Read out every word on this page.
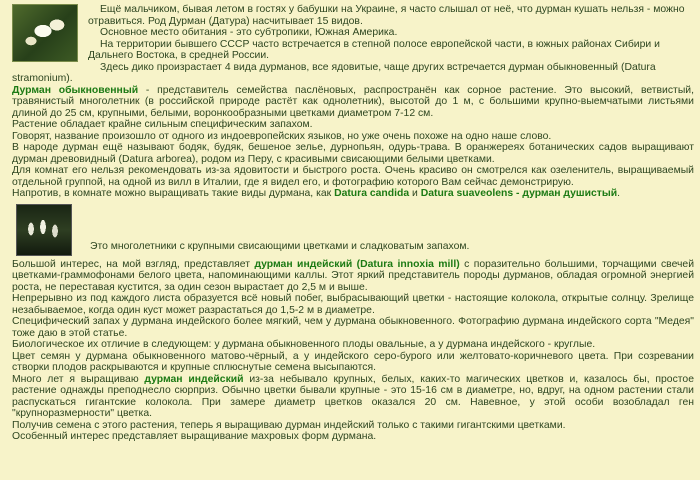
Ещё мальчиком, бывая летом в гостях у бабушки на Украине, я часто слышал от неё, что дурман кушать нельзя - можно отравиться. Род Дурман (Датура) насчитывает 15 видов.

Основное место обитания - это субтропики, Южная Америка.

На территории бывшего СССР часто встречается в степной полосе европейской части, в южных районах Сибири и Дальнего Востока, в средней России.

Здесь дико произрастает 4 вида дурманов, все ядовитые, чаще других встречается дурман обыкновенный (Datura stramonium).

Дурман обыкновенный - представитель семейства паслёновых, распространён как сорное растение. Это высокий, ветвистый, травянистый многолетник (в российской природе растёт как однолетник), высотой до 1 м, с большими крупно-выемчатыми листьями длиной до 25 см, крупными, белыми, воронкообразными цветками диаметром 7-12 см.

Растение обладает крайне сильным специфическим запахом.

Говорят, название произошло от одного из индоевропейских языков, но уже очень похоже на одно наше слово.

В народе дурман ещё называют бодяк, будяк, бешеное зелье, дурнопьян, одурь-трава. В оранжереях ботанических садов выращивают дурман древовидный (Datura arborea), родом из Перу, с красивыми свисающими белыми цветками.

Для комнат его нельзя рекомендовать из-за ядовитости и быстрого роста. Очень красиво он смотрелся как озеленитель, выращиваемый отдельной группой, на одной из вилл в Италии, где я видел его, и фотографию которого Вам сейчас демонстрирую.

Напротив, в комнате можно выращивать такие виды дурмана, как Datura candida и Datura suaveolens - дурман душистый.

Это многолетники с крупными свисающими цветками и сладковатым запахом.

Большой интерес, на мой взгляд, представляет дурман индейский (Datura innoxia mill) с поразительно большими, торчащими свечей цветками-граммофонами белого цвета, напоминающими каллы. Этот яркий представитель породы дурманов, обладая огромной энергией роста, не переставая кустится, за один сезон вырастает до 2,5 м и выше.

Непрерывно из под каждого листа образуется всё новый побег, выбрасывающий цветки - настоящие колокола, открытые солнцу. Зрелище незабываемое, когда один куст может разрастаться до 1,5-2 м в диаметре.

Специфический запах у дурмана индейского более мягкий, чем у дурмана обыкновенного. Фотографию дурмана индейского сорта "Медея" тоже даю в этой статье.

Биологическое их отличие в следующем: у дурмана обыкновенного плоды овальные, а у дурмана индейского - круглые.

Цвет семян у дурмана обыкновенного матово-чёрный, а у индейского серо-бурого или желтовато-коричневого цвета. При созревании створки плодов раскрываются и крупные сплюснутые семена высыпаются.

Много лет я выращиваю дурман индейский из-за небывало крупных, белых, каких-то магических цветков и, казалось бы, простое растение однажды преподнесло сюрприз. Обычно цветки бывали крупные - это 15-16 см в диаметре, но, вдруг, на одном растении стали распускаться гигантские колокола. При замере диаметр цветков оказался 20 см. Навевное, у этой особи возобладал ген "крупноразмерности" цветка.

Получив семена с этого растения, теперь я выращиваю дурман индейский только с такими гигантскими цветками.

Особенный интерес представляет выращивание махровых форм дурмана.
